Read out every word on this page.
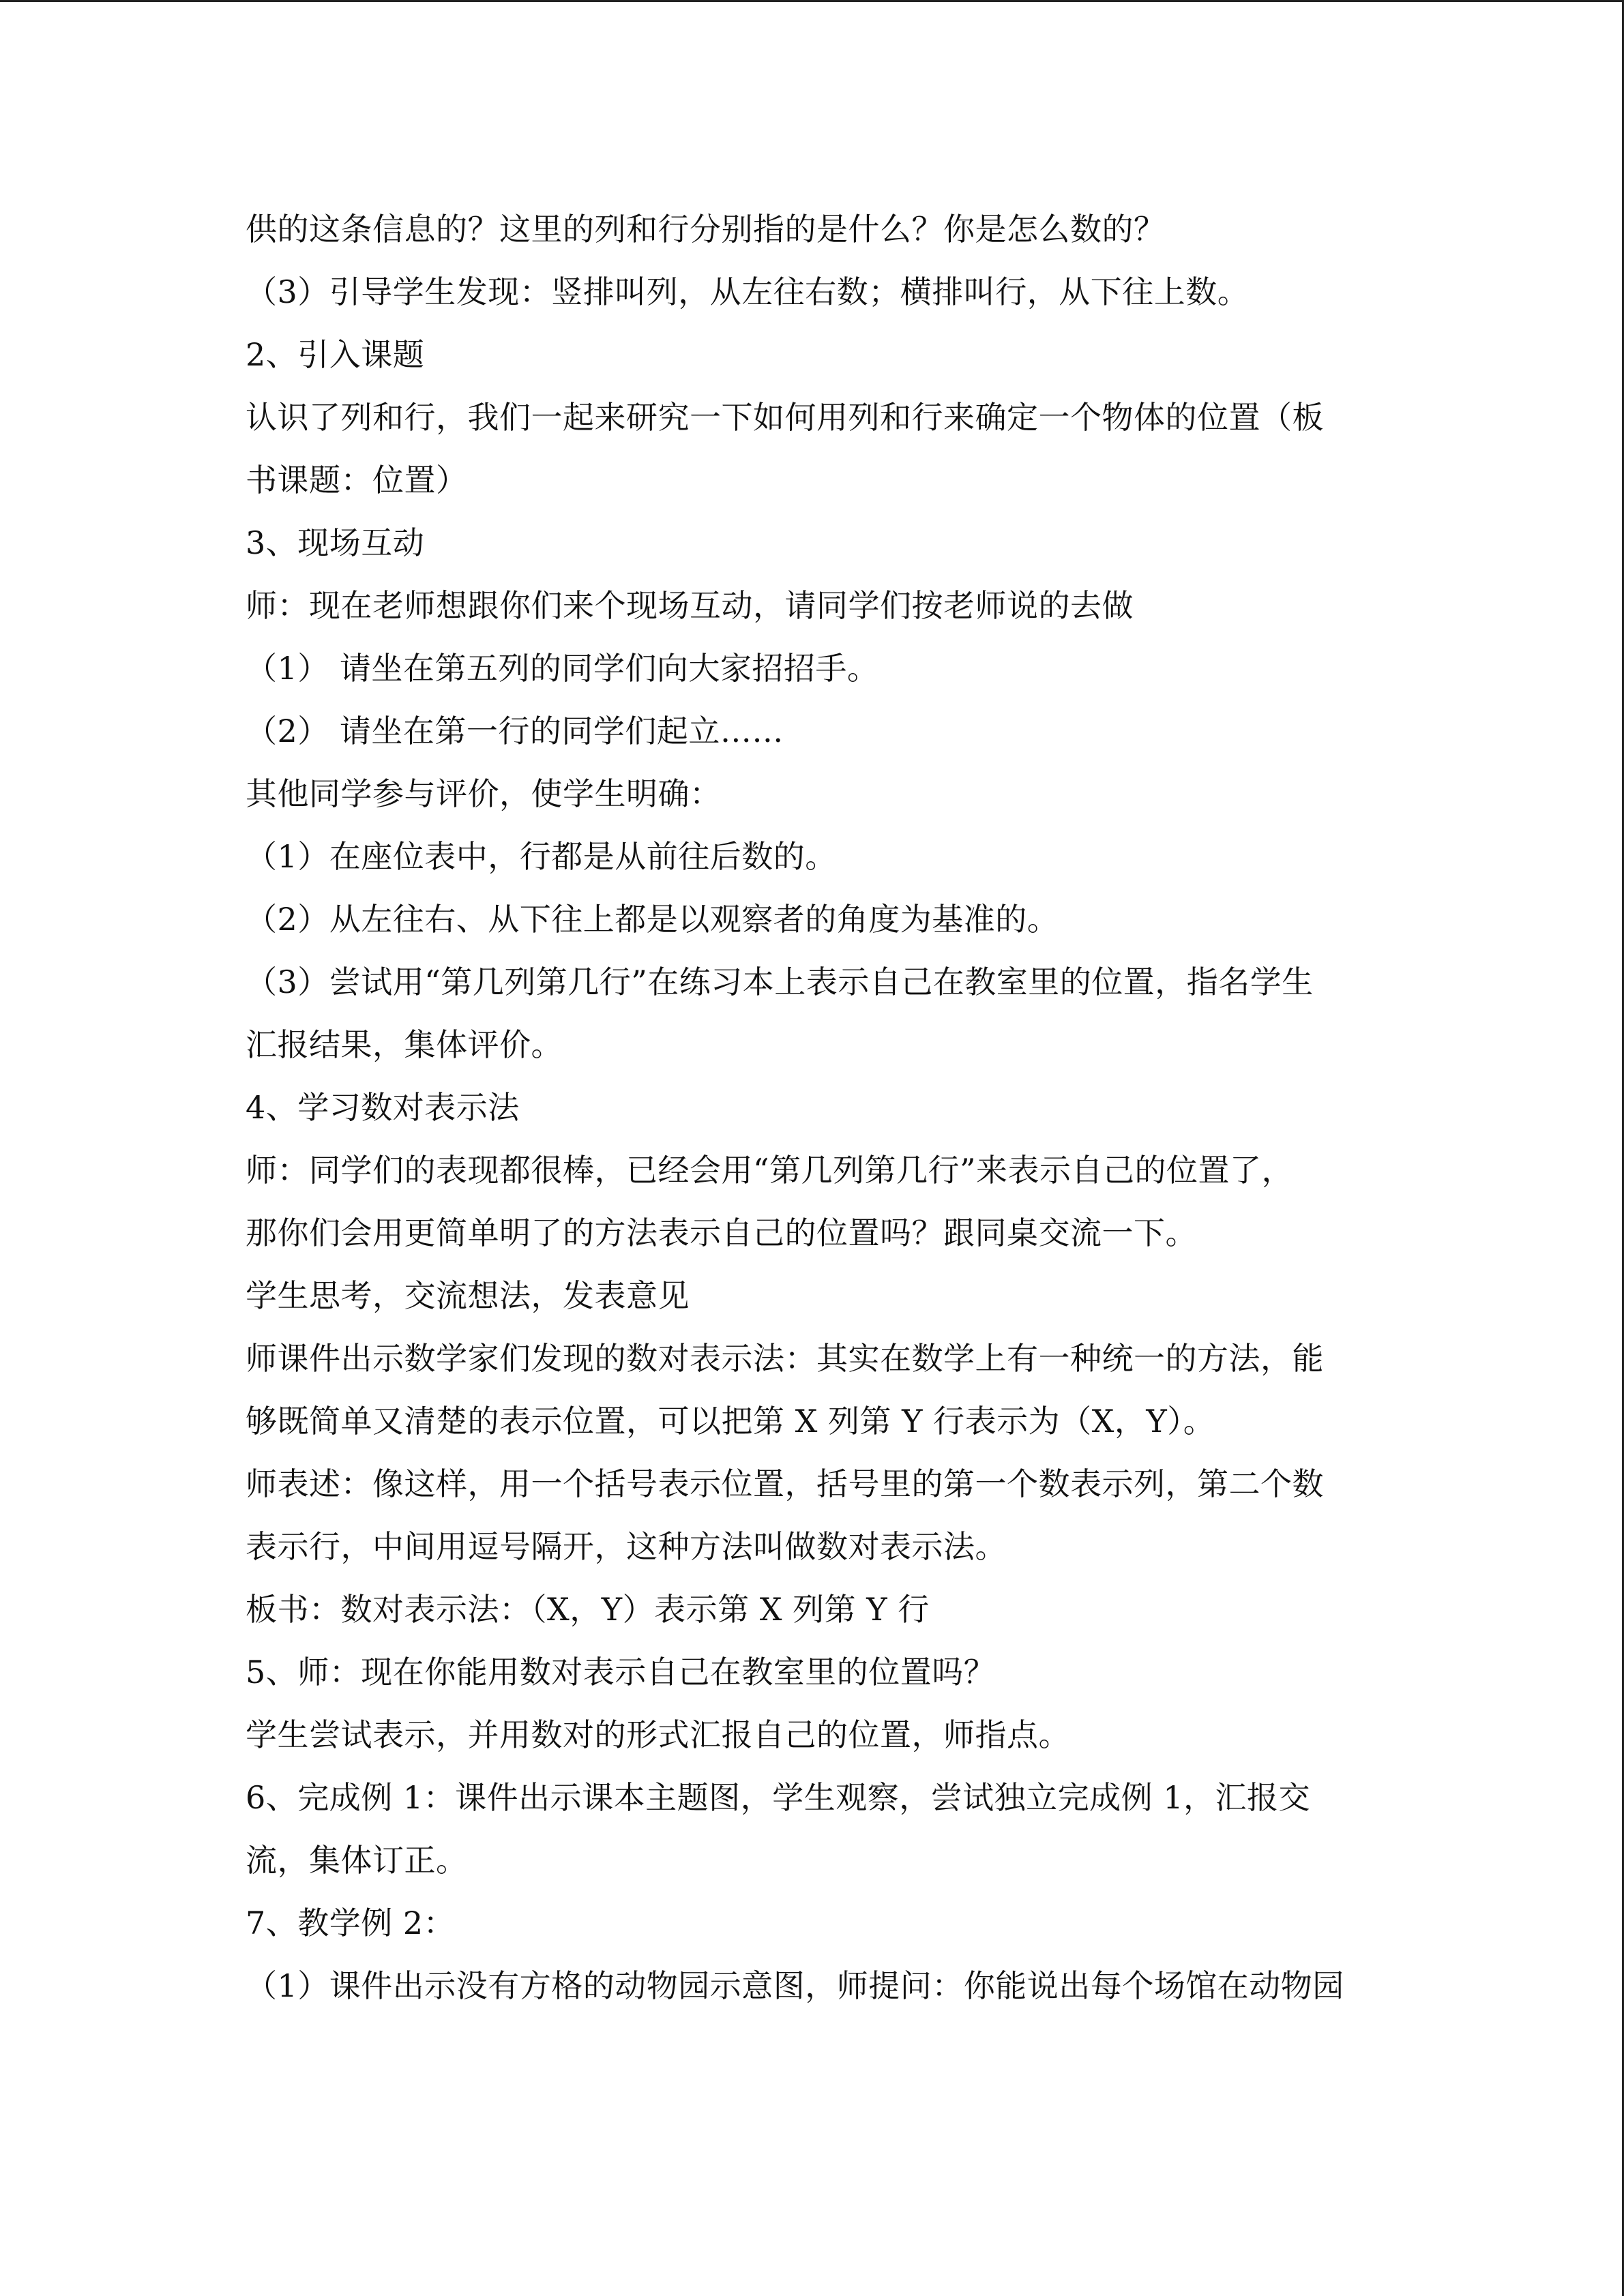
供的这条信息的？这里的列和行分别指的是什么？你是怎么数的？
（3）引导学生发现：竖排叫列，从左往右数；横排叫行，从下往上数。
2、引入课题
认识了列和行，我们一起来研究一下如何用列和行来确定一个物体的位置（板
书课题：位置）
3、现场互动
师：现在老师想跟你们来个现场互动，请同学们按老师说的去做
（1） 请坐在第五列的同学们向大家招招手。
（2） 请坐在第一行的同学们起立……
其他同学参与评价，使学生明确：
（1）在座位表中，行都是从前往后数的。
（2）从左往右、从下往上都是以观察者的角度为基准的。
（3）尝试用“第几列第几行”在练习本上表示自己在教室里的位置，指名学生
汇报结果，集体评价。
4、学习数对表示法
师：同学们的表现都很棒，已经会用“第几列第几行”来表示自己的位置了，
那你们会用更简单明了的方法表示自己的位置吗？跟同桌交流一下。
学生思考，交流想法，发表意见
师课件出示数学家们发现的数对表示法：其实在数学上有一种统一的方法，能
够既简单又清楚的表示位置，可以把第 X 列第 Y 行表示为（X，Y）。
师表述：像这样，用一个括号表示位置，括号里的第一个数表示列，第二个数
表示行，中间用逗号隔开，这种方法叫做数对表示法。
板书：数对表示法：（X，Y）表示第 X 列第 Y 行
5、师：现在你能用数对表示自己在教室里的位置吗？
学生尝试表示，并用数对的形式汇报自己的位置，师指点。
6、完成例 1：课件出示课本主题图，学生观察，尝试独立完成例 1，汇报交
流，集体订正。
7、教学例 2：
（1）课件出示没有方格的动物园示意图，师提问：你能说出每个场馆在动物园
